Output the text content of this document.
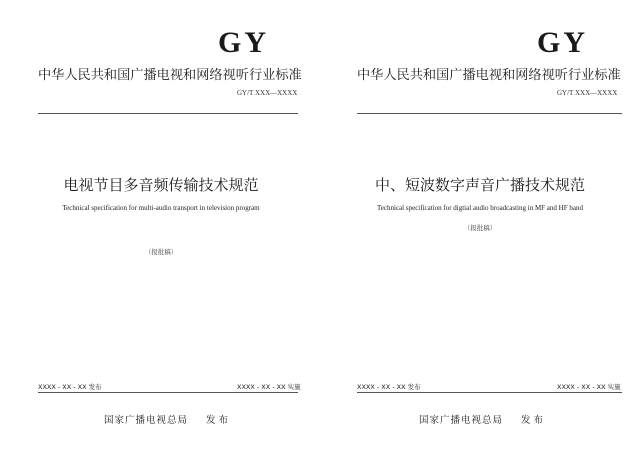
GY
中华人民共和国广播电视和网络视听行业标准
GY/T XXX—XXXX
电视节目多音频传输技术规范
Technical specification for multi-audio transport in television program
（报批稿）
XXXX - XX - XX 发布	XXXX - XX - XX 实施
国家广播电视总局 发布
GY
中华人民共和国广播电视和网络视听行业标准
GY/T XXX—XXXX
中、短波数字声音广播技术规范
Technical specification for digtial audio broadcasting in MF and HF band
（报批稿）
XXXX - XX - XX 发布	XXXX - XX - XX 实施
国家广播电视总局 发布
